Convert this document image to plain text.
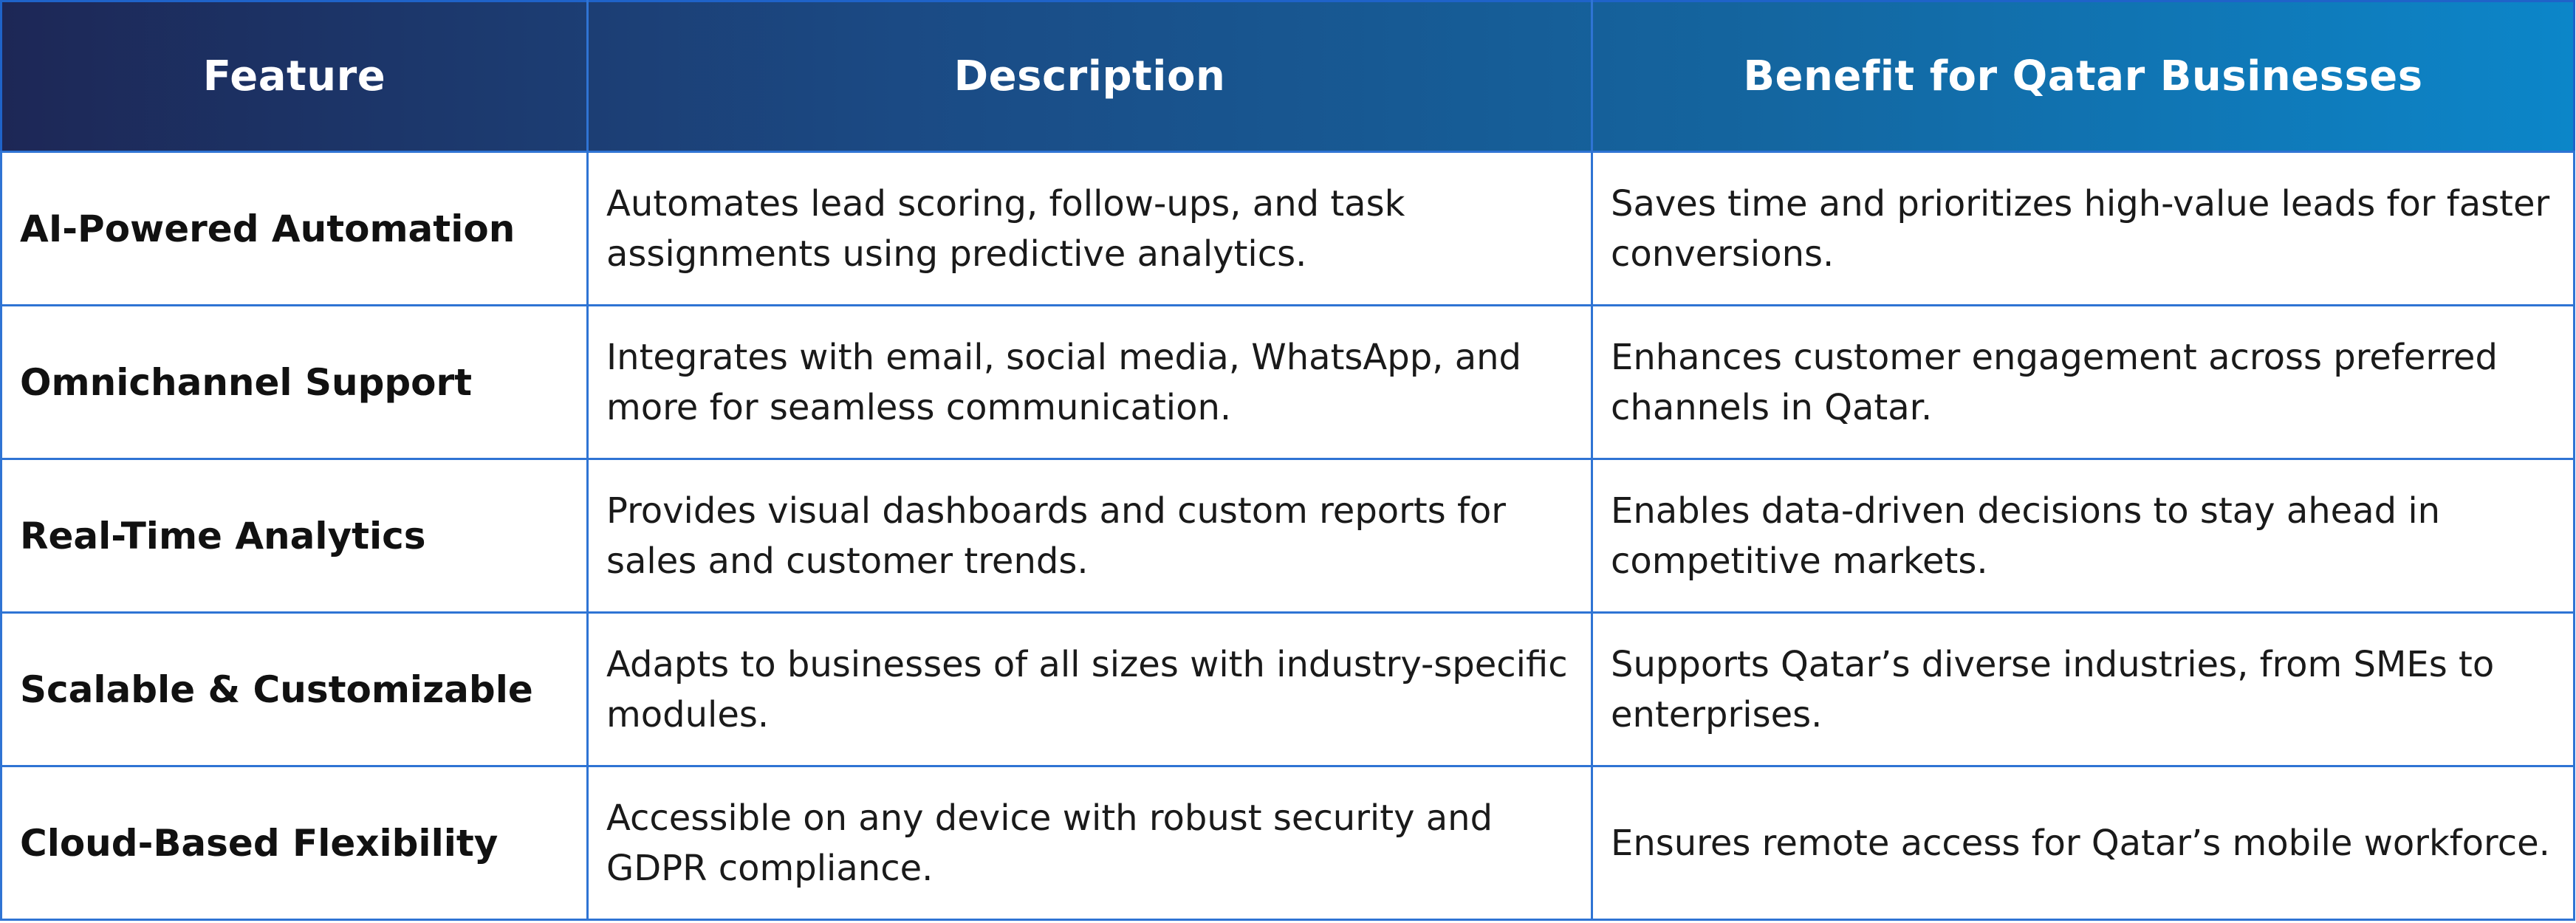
Feature	Description	Benefit for Qatar Businesses
AI-Powered Automation	Automates lead scoring, follow-ups, and task assignments using predictive analytics.	Saves time and prioritizes high-value leads for faster conversions.
Omnichannel Support	Integrates with email, social media, WhatsApp, and more for seamless communication.	Enhances customer engagement across preferred channels in Qatar.
Real-Time Analytics	Provides visual dashboards and custom reports for sales and customer trends.	Enables data-driven decisions to stay ahead in competitive markets.
Scalable & Customizable	Adapts to businesses of all sizes with industry-specific modules.	Supports Qatar’s diverse industries, from SMEs to enterprises.
Cloud-Based Flexibility	Accessible on any device with robust security and GDPR compliance.	Ensures remote access for Qatar’s mobile workforce.
